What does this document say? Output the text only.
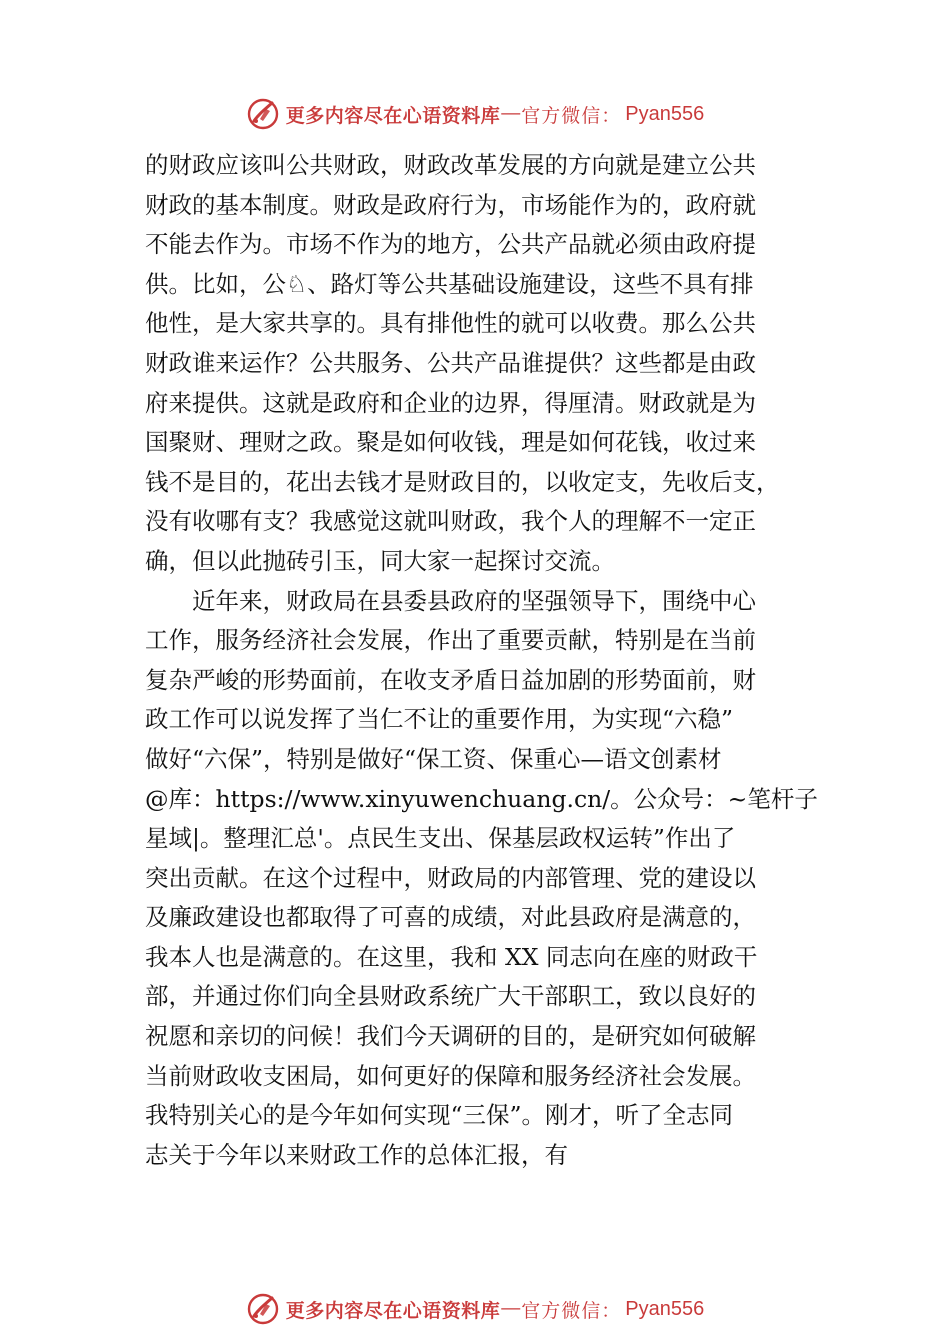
更多内容尽在心语资料库 — 官方微信： Pyan556

的财政应该叫公共财政，财政改革发展的方向就是建立公共
财政的基本制度。财政是政府行为，市场能作为的，政府就
不能去作为。市场不作为的地方，公共产品就必须由政府提
供。比如，公♘、路灯等公共基础设施建设，这些不具有排
他性，是大家共享的。具有排他性的就可以收费。那么公共
财政谁来运作？公共服务、公共产品谁提供？这些都是由政
府来提供。这就是政府和企业的边界，得厘清。财政就是为
国聚财、理财之政。聚是如何收钱，理是如何花钱，收过来
钱不是目的，花出去钱才是财政目的，以收定支，先收后支，
没有收哪有支？我感觉这就叫财政，我个人的理解不一定正
确，但以此抛砖引玉，同大家一起探讨交流。

近年来，财政局在县委县政府的坚强领导下，围绕中心
工作，服务经济社会发展，作出了重要贡献，特别是在当前
复杂严峻的形势面前，在收支矛盾日益加剧的形势面前，财
政工作可以说发挥了当仁不让的重要作用，为实现“六稳”
做好“六保”，特别是做好“保工资、保重心—语文创素材
@库：https://www.xinyuwenchuang.cn/。公众号：~笔杆子
星域|。整理汇总'。点民生支出、保基层政权运转”作出了
突出贡献。在这个过程中，财政局的内部管理、党的建设以
及廉政建设也都取得了可喜的成绩，对此县政府是满意的，
我本人也是满意的。在这里，我和 XX 同志向在座的财政干
部，并通过你们向全县财政系统广大干部职工，致以良好的
祝愿和亲切的问候！我们今天调研的目的，是研究如何破解
当前财政收支困局，如何更好的保障和服务经济社会发展。
我特别关心的是今年如何实现“三保”。刚才，听了全志同
志关于今年以来财政工作的总体汇报，有

更多内容尽在心语资料库 — 官方微信： Pyan556
